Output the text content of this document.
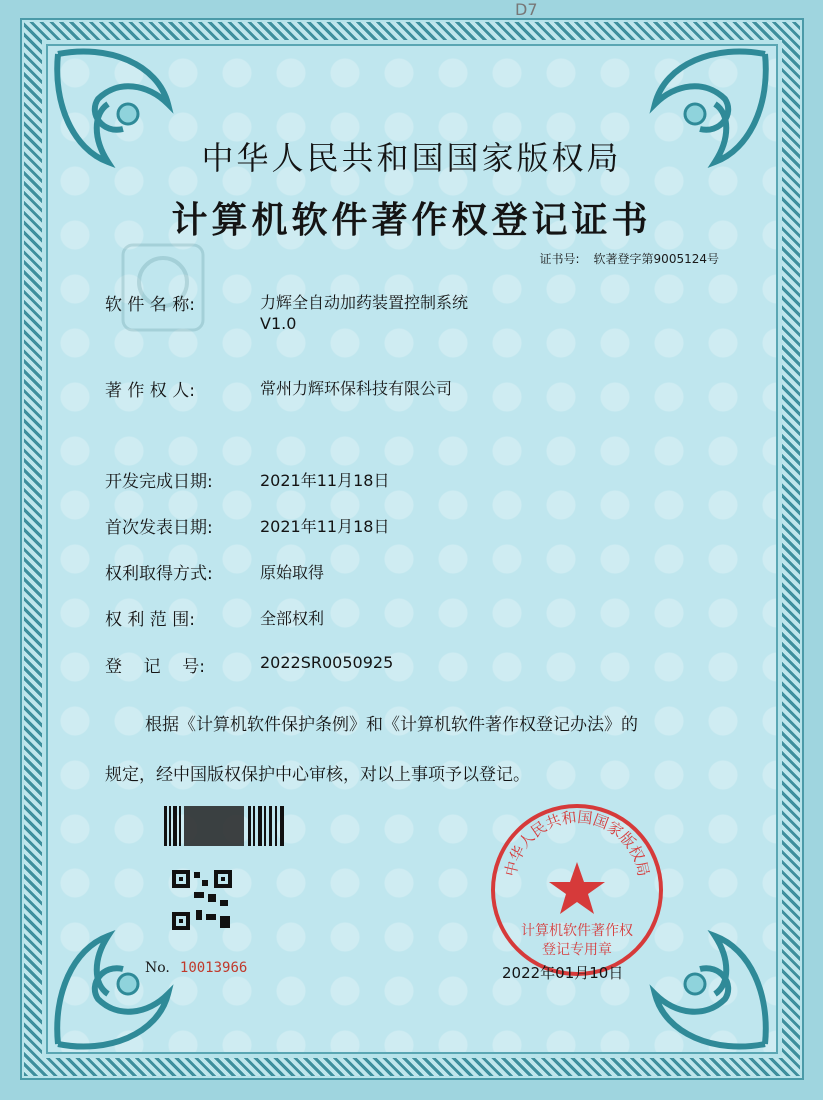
D7
中华人民共和国国家版权局
计算机软件著作权登记证书
证书号: 软著登字第9005124号
软 件 名 称:	力辉全自动加药装置控制系统
V1.0
著 作 权 人:	常州力辉环保科技有限公司
开发完成日期:	2021年11月18日
首次发表日期:	2021年11月18日
权利取得方式:	原始取得
权 利 范 围:	全部权利
登    记    号:	2022SR0050925
根据《计算机软件保护条例》和《计算机软件著作权登记办法》的
规定，经中国版权保护中心审核，对以上事项予以登记。
No. 10013966
中华人民共和国国家版权局
计算机软件著作权
登记专用章
2022年01月10日
